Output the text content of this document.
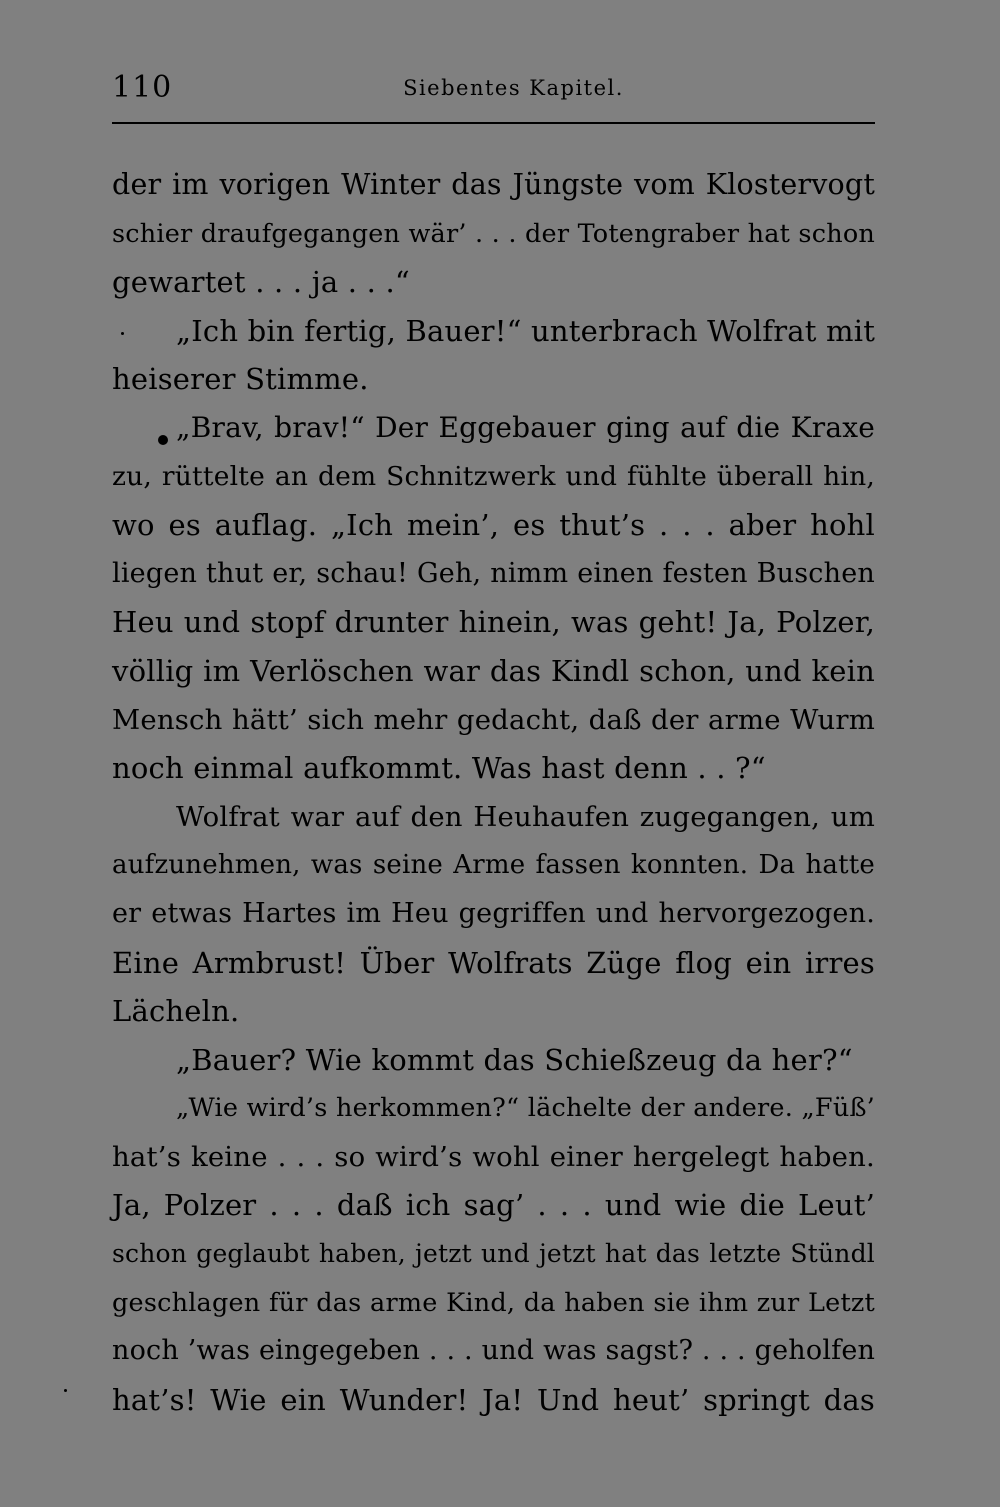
110	Siebentes Kapitel.
der im vorigen Winter das Jüngste vom Klostervogt
schier draufgegangen wär’ . . . der Totengraber hat schon
gewartet . . . ja . . .“
„Ich bin fertig, Bauer!“ unterbrach Wolfrat mit
heiserer Stimme.
„Brav, brav!“ Der Eggebauer ging auf die Kraxe
zu, rüttelte an dem Schnitzwerk und fühlte überall hin,
wo es auflag. „Ich mein’, es thut’s . . . aber hohl
liegen thut er, schau! Geh, nimm einen festen Buschen
Heu und stopf drunter hinein, was geht! Ja, Polzer,
völlig im Verlöschen war das Kindl schon, und kein
Mensch hätt’ sich mehr gedacht, daß der arme Wurm
noch einmal aufkommt. Was hast denn . . ?“
Wolfrat war auf den Heuhaufen zugegangen, um
aufzunehmen, was seine Arme fassen konnten. Da hatte
er etwas Hartes im Heu gegriffen und hervorgezogen.
Eine Armbrust! Über Wolfrats Züge flog ein irres
Lächeln.
„Bauer? Wie kommt das Schießzeug da her?“
„Wie wird’s herkommen?“ lächelte der andere. „Füß’
hat’s keine . . . so wird’s wohl einer hergelegt haben.
Ja, Polzer . . . daß ich sag’ . . . und wie die Leut’
schon geglaubt haben, jetzt und jetzt hat das letzte Stündl
geschlagen für das arme Kind, da haben sie ihm zur Letzt
noch ’was eingegeben . . . und was sagst? . . . geholfen
hat’s! Wie ein Wunder! Ja! Und heut’ springt das
